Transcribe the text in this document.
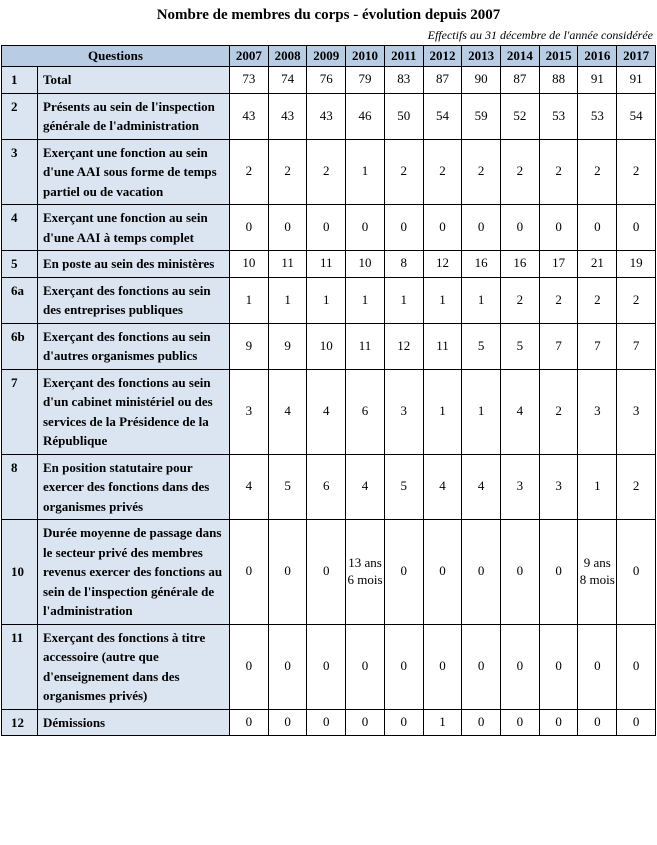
Nombre de membres du corps - évolution depuis 2007
Effectifs au 31 décembre de l'année considérée
Questions		2007	2008	2009	2010	2011	2012	2013	2014	2015	2016	2017
1	Total	73	74	76	79	83	87	90	87	88	91	91
2	Présents au sein de l'inspection générale de l'administration	43	43	43	46	50	54	59	52	53	53	54
3	Exerçant une fonction au sein d'une AAI sous forme de temps partiel ou de vacation	2	2	2	1	2	2	2	2	2	2	2
4	Exerçant une fonction au sein d'une AAI à temps complet	0	0	0	0	0	0	0	0	0	0	0
5	En poste au sein des ministères	10	11	11	10	8	12	16	16	17	21	19
6a	Exerçant des fonctions au sein des entreprises publiques	1	1	1	1	1	1	1	2	2	2	2
6b	Exerçant des fonctions au sein d'autres organismes publics	9	9	10	11	12	11	5	5	7	7	7
7	Exerçant des fonctions au sein d'un cabinet ministériel ou des services de la Présidence de la République	3	4	4	6	3	1	1	4	2	3	3
8	En position statutaire pour exercer des fonctions dans des organismes privés	4	5	6	4	5	4	4	3	3	1	2
10	Durée moyenne de passage dans le secteur privé des membres revenus exercer des fonctions au sein de l'inspection générale de l'administration	0	0	0	13 ans 6 mois	0	0	0	0	0	9 ans 8 mois	0
11	Exerçant des fonctions à titre accessoire (autre que d'enseignement dans des organismes privés)	0	0	0	0	0	0	0	0	0	0	0
12	Démissions	0	0	0	0	0	1	0	0	0	0	0
